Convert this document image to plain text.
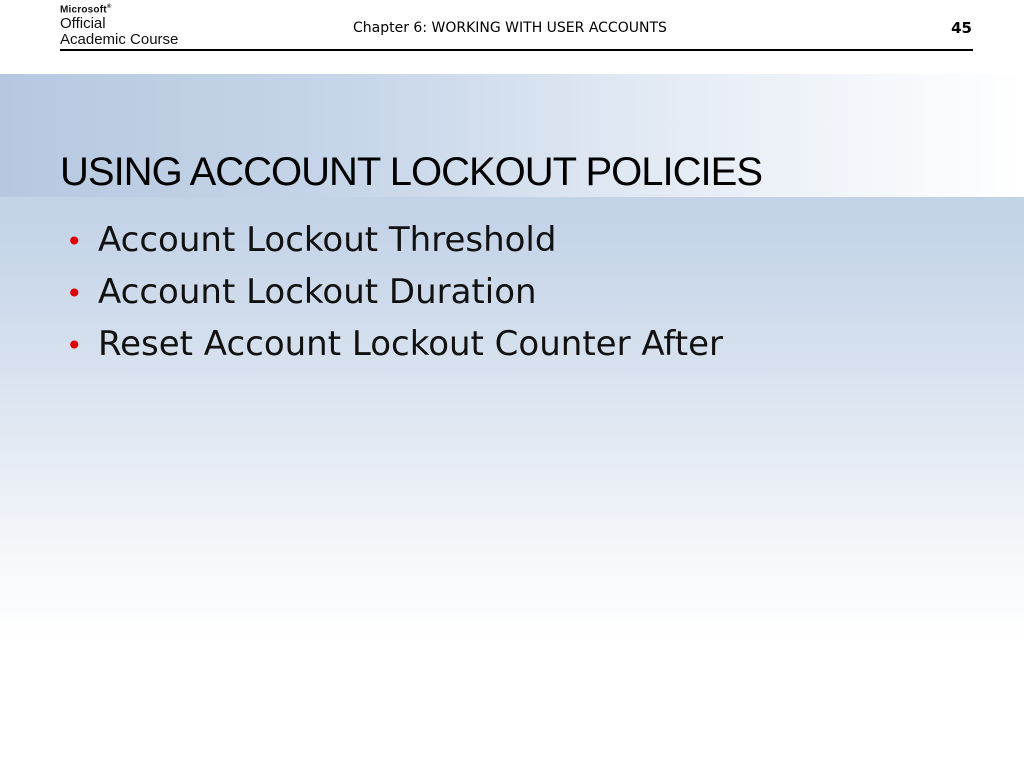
Microsoft®
Official
Academic Course
Chapter 6: WORKING WITH USER ACCOUNTS	45
USING ACCOUNT LOCKOUT POLICIES
• Account Lockout Threshold
• Account Lockout Duration
• Reset Account Lockout Counter After
